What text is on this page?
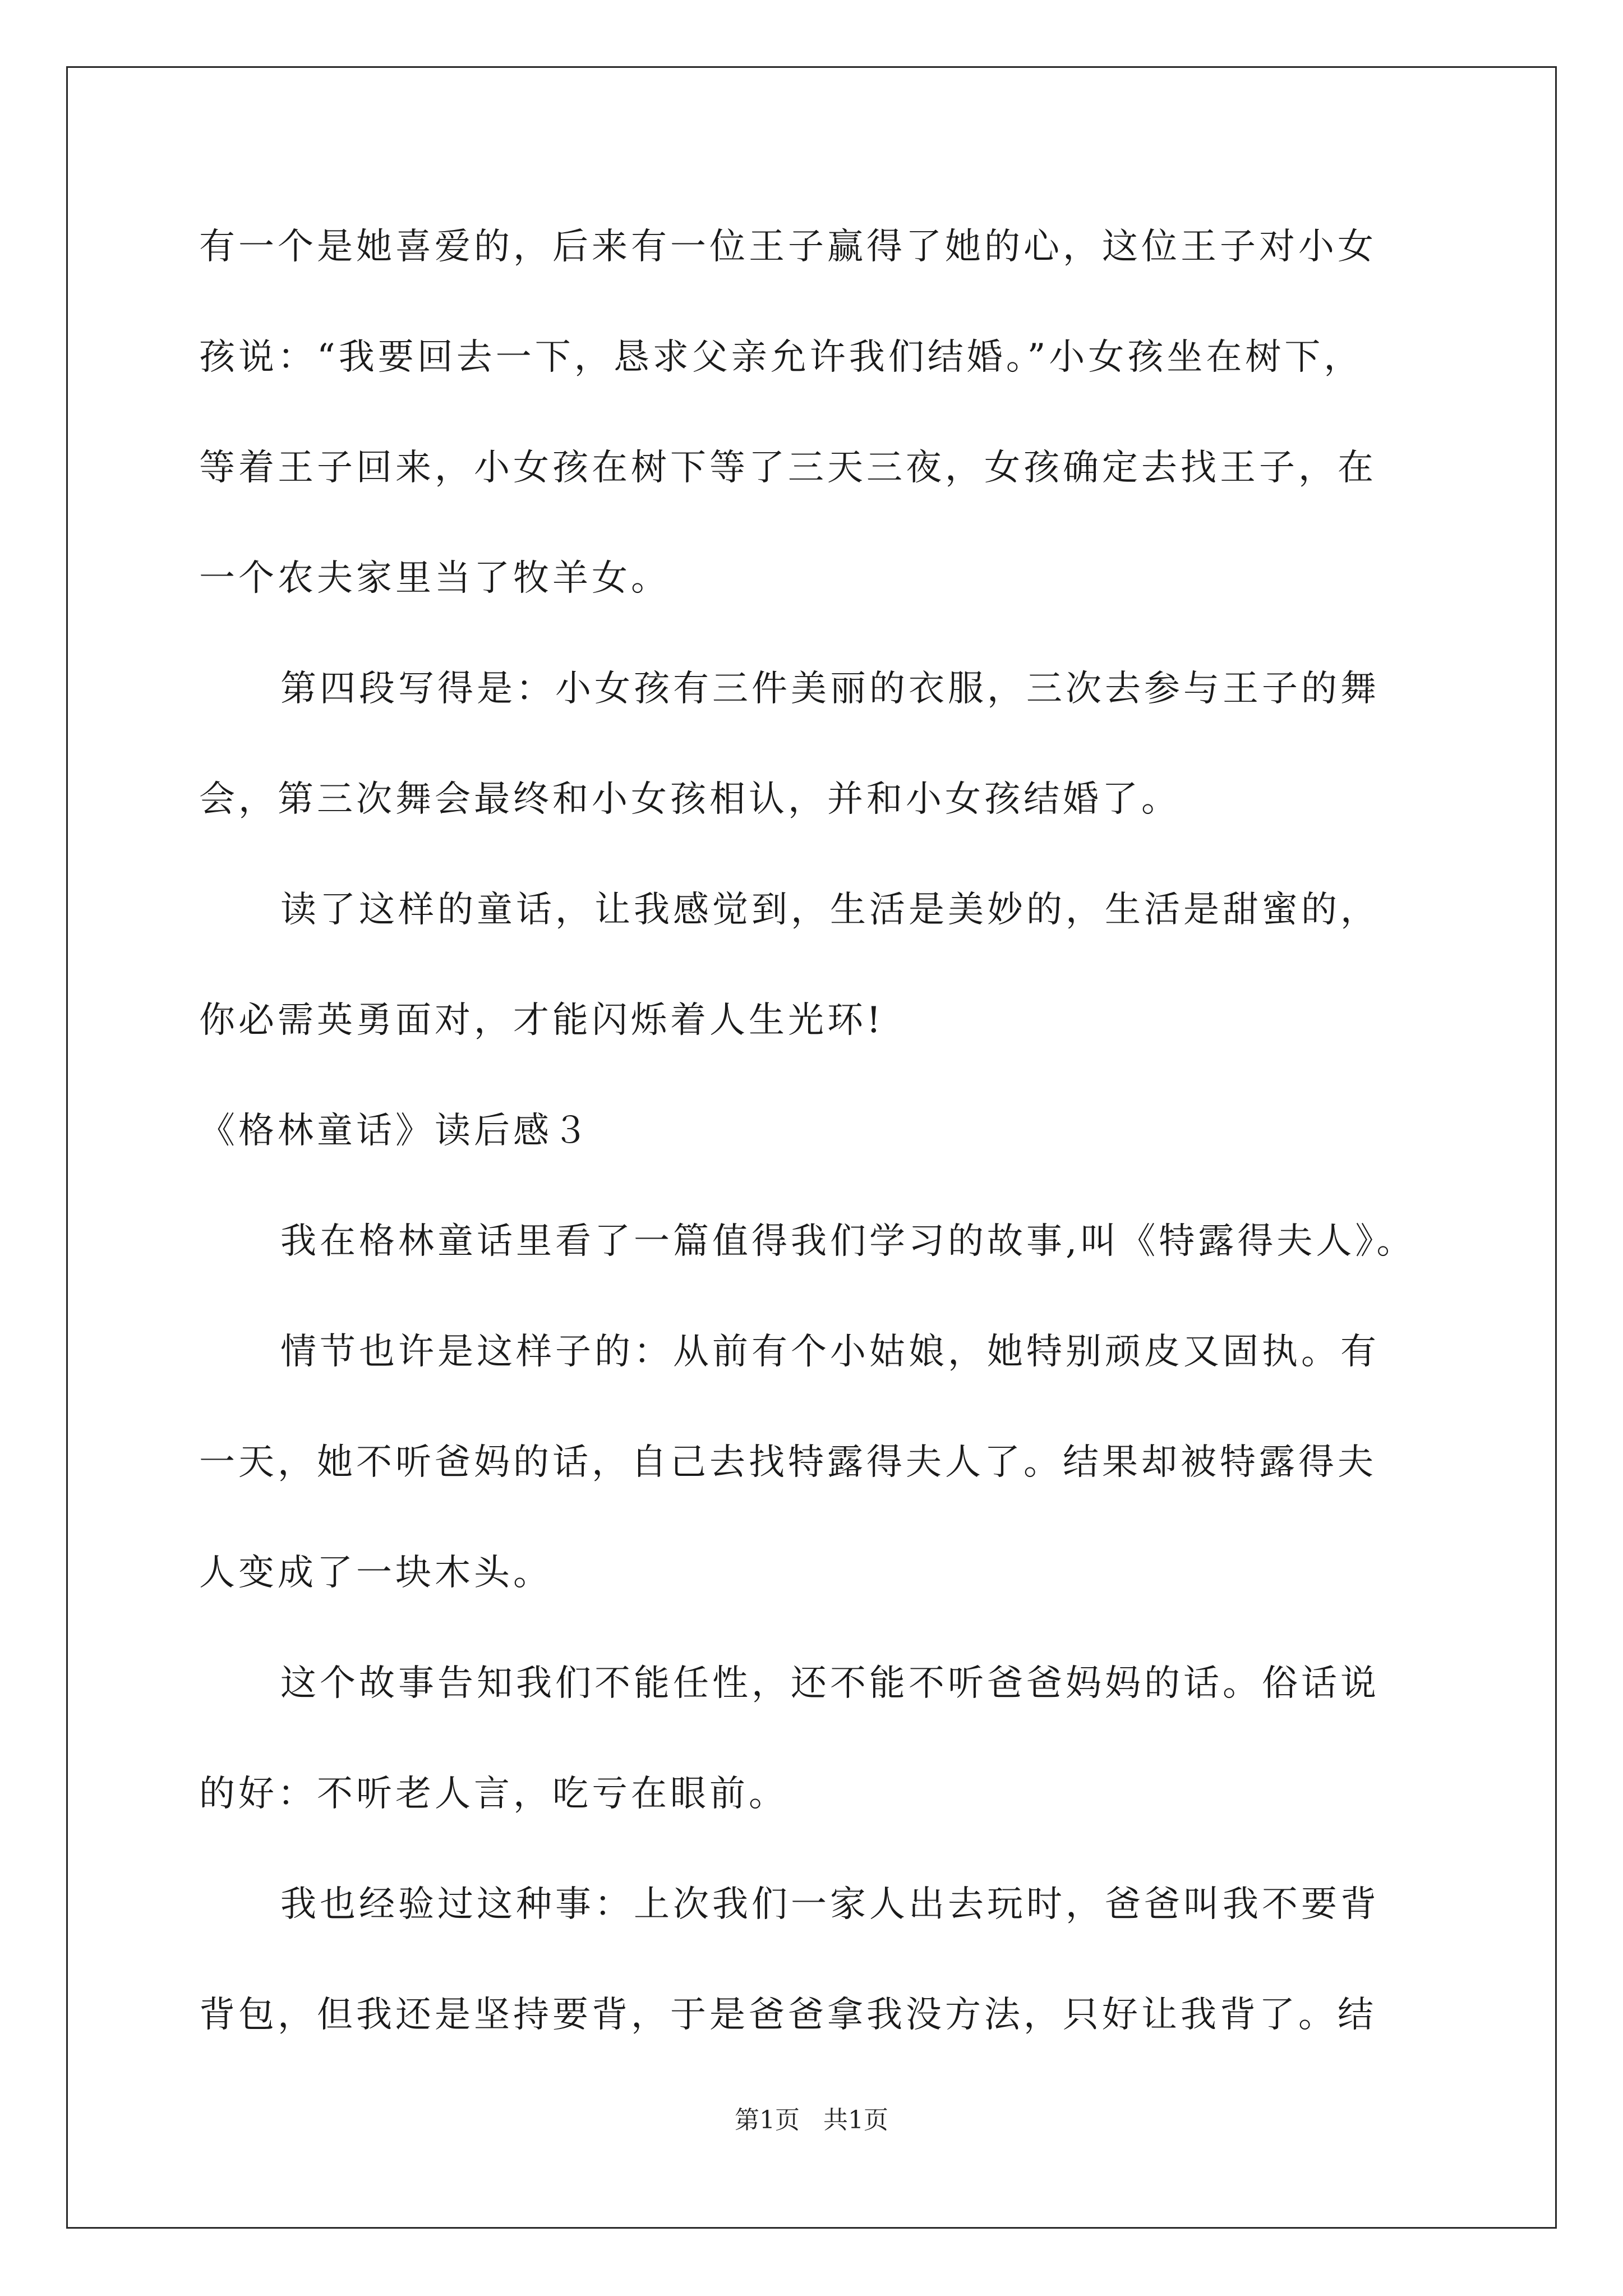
有一个是她喜爱的，后来有一位王子赢得了她的心，这位王子对小女
孩说：“我要回去一下，恳求父亲允许我们结婚。”小女孩坐在树下，
等着王子回来，小女孩在树下等了三天三夜，女孩确定去找王子，在
一个农夫家里当了牧羊女。
第四段写得是：小女孩有三件美丽的衣服，三次去参与王子的舞
会，第三次舞会最终和小女孩相认，并和小女孩结婚了。
读了这样的童话，让我感觉到，生活是美妙的，生活是甜蜜的，
你必需英勇面对，才能闪烁着人生光环!
《格林童话》读后感３
我在格林童话里看了一篇值得我们学习的故事,叫《特露得夫人》。
情节也许是这样子的：从前有个小姑娘，她特别顽皮又固执。有
一天，她不听爸妈的话，自己去找特露得夫人了。结果却被特露得夫
人变成了一块木头。
这个故事告知我们不能任性，还不能不听爸爸妈妈的话。俗话说
的好：不听老人言，吃亏在眼前。
我也经验过这种事：上次我们一家人出去玩时，爸爸叫我不要背
背包，但我还是坚持要背，于是爸爸拿我没方法，只好让我背了。结
第1页   共1页
